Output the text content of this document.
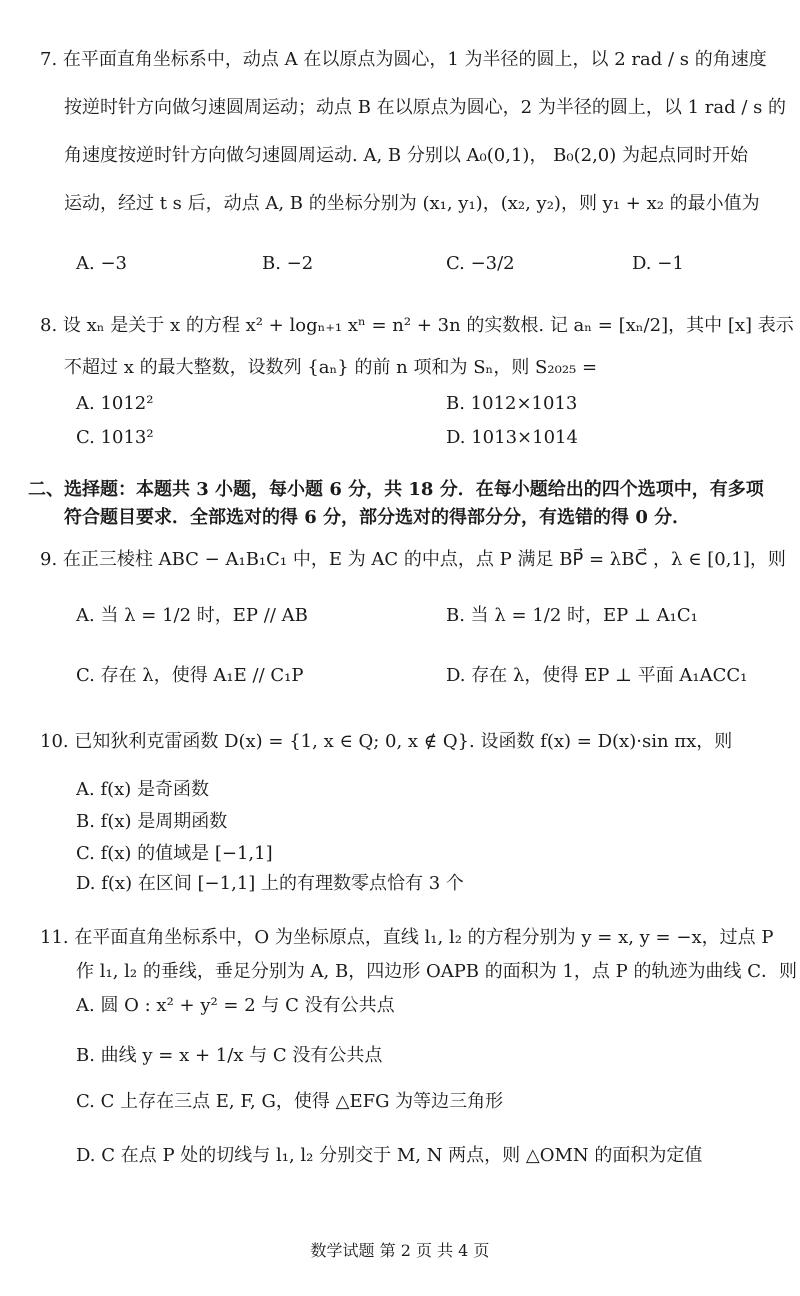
7. 在平面直角坐标系中，动点 A 在以原点为圆心，1 为半径的圆上，以 2 rad / s 的角速度
按逆时针方向做匀速圆周运动；动点 B 在以原点为圆心，2 为半径的圆上，以 1 rad / s 的
角速度按逆时针方向做匀速圆周运动. A, B 分别以 A₀(0,1)， B₀(2,0) 为起点同时开始
运动，经过 t s 后，动点 A, B 的坐标分别为 (x₁, y₁)，(x₂, y₂)，则 y₁ + x₂ 的最小值为
A. −3	B. −2	C. −3/2	D. −1
8. 设 xₙ 是关于 x 的方程 x² + logₙ₊₁ xⁿ = n² + 3n 的实数根. 记 aₙ = [xₙ/2]，其中 [x] 表示
不超过 x 的最大整数，设数列 {aₙ} 的前 n 项和为 Sₙ，则 S₂₀₂₅ =
A. 1012²	B. 1012×1013
C. 1013²	D. 1013×1014
二、选择题：本题共 3 小题，每小题 6 分，共 18 分．在每小题给出的四个选项中，有多项
符合题目要求．全部选对的得 6 分，部分选对的得部分分，有选错的得 0 分．
9. 在正三棱柱 ABC − A₁B₁C₁ 中，E 为 AC 的中点，点 P 满足 BP⃗ = λBC⃗ ，λ ∈ [0,1]，则
A. 当 λ = 1/2 时，EP // AB	B. 当 λ = 1/2 时，EP ⊥ A₁C₁
C. 存在 λ，使得 A₁E // C₁P	D. 存在 λ，使得 EP ⊥ 平面 A₁ACC₁
10. 已知狄利克雷函数 D(x) = {1, x ∈ Q; 0, x ∉ Q}. 设函数 f(x) = D(x)·sin πx，则
A. f(x) 是奇函数
B. f(x) 是周期函数
C. f(x) 的值域是 [−1,1]
D. f(x) 在区间 [−1,1] 上的有理数零点恰有 3 个
11. 在平面直角坐标系中，O 为坐标原点，直线 l₁, l₂ 的方程分别为 y = x, y = −x，过点 P
作 l₁, l₂ 的垂线，垂足分别为 A, B，四边形 OAPB 的面积为 1，点 P 的轨迹为曲线 C．则
A. 圆 O : x² + y² = 2 与 C 没有公共点
B. 曲线 y = x + 1/x 与 C 没有公共点
C. C 上存在三点 E, F, G，使得 △EFG 为等边三角形
D. C 在点 P 处的切线与 l₁, l₂ 分别交于 M, N 两点，则 △OMN 的面积为定值
数学试题 第 2 页 共 4 页
